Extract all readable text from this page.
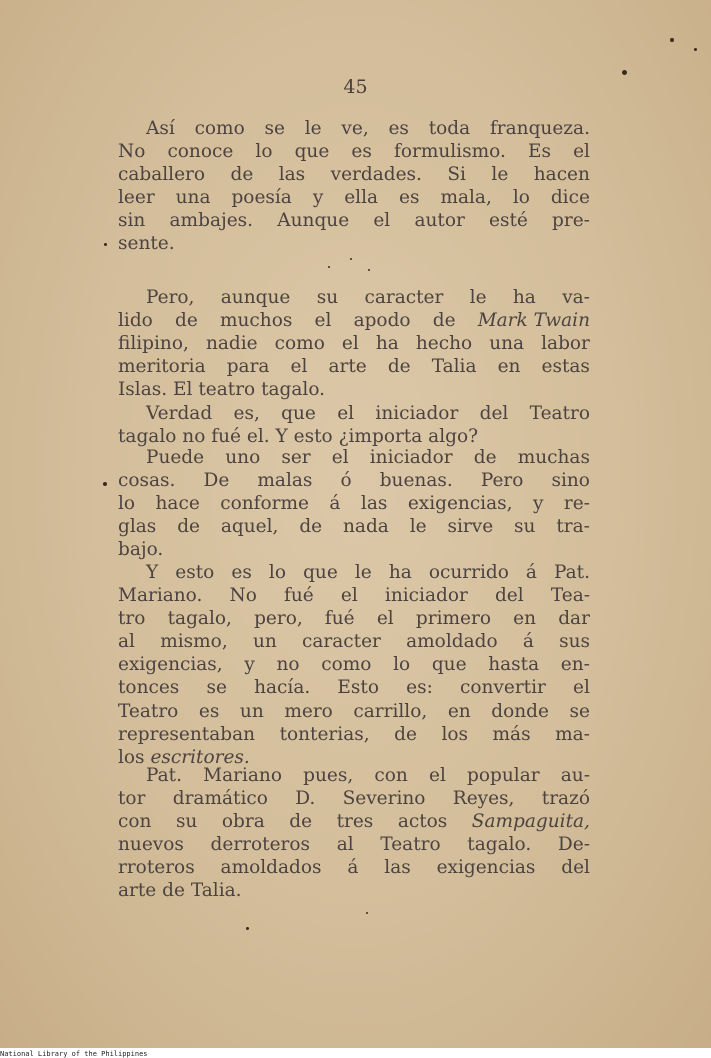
45
Así como se le ve, es toda franqueza.
No conoce lo que es formulismo. Es el
caballero de las verdades. Si le hacen
leer una poesía y ella es mala, lo dice
sin ambajes. Aunque el autor esté pre-
sente.
Pero, aunque su caracter le ha va-
lido de muchos el apodo de Mark Twain
filipino, nadie como el ha hecho una labor
meritoria para el arte de Talia en estas
Islas. El teatro tagalo.
Verdad es, que el iniciador del Teatro
tagalo no fué el. Y esto ¿importa algo?
Puede uno ser el iniciador de muchas
cosas. De malas ó buenas. Pero sino
lo hace conforme á las exigencias, y re-
glas de aquel, de nada le sirve su tra-
bajo.
Y esto es lo que le ha ocurrido á Pat.
Mariano. No fué el iniciador del Tea-
tro tagalo, pero, fué el primero en dar
al mismo, un caracter amoldado á sus
exigencias, y no como lo que hasta en-
tonces se hacía. Esto es: convertir el
Teatro es un mero carrillo, en donde se
representaban tonterias, de los más ma-
los escritores.
Pat. Mariano pues, con el popular au-
tor dramático D. Severino Reyes, trazó
con su obra de tres actos Sampaguita,
nuevos derroteros al Teatro tagalo. De-
rroteros amoldados á las exigencias del
arte de Talia.
National Library of the Philippines
